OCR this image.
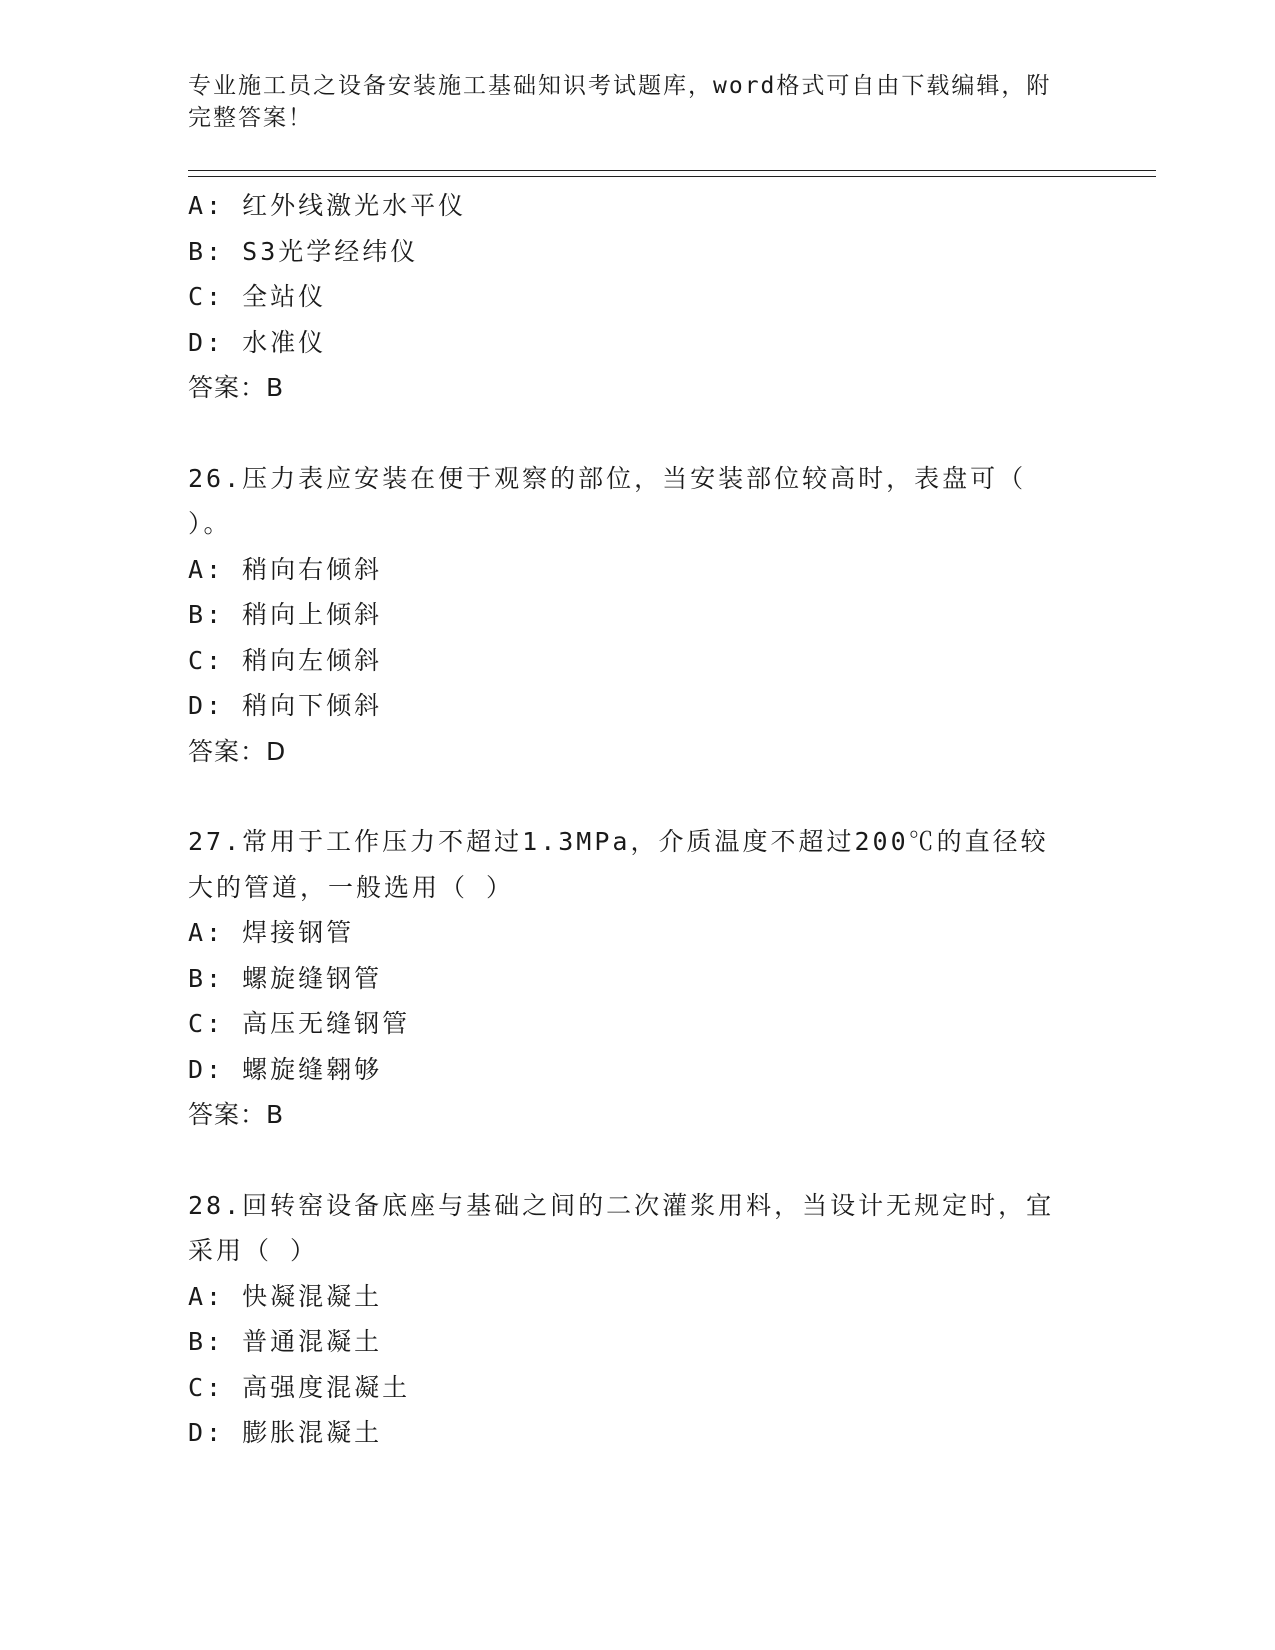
专业施工员之设备安装施工基础知识考试题库，word格式可自由下载编辑，附完整答案！

A: 红外线激光水平仪
B: S3光学经纬仪
C: 全站仪
D: 水准仪
答案：B
26.压力表应安装在便于观察的部位，当安装部位较高时，表盘可（ ）。
A: 稍向右倾斜
B: 稍向上倾斜
C: 稍向左倾斜
D: 稍向下倾斜
答案：D
27.常用于工作压力不超过1.3MPa，介质温度不超过200℃的直径较大的管道，一般选用（ ）
A: 焊接钢管
B: 螺旋缝钢管
C: 高压无缝钢管
D: 螺旋缝翱够
答案：B
28.回转窑设备底座与基础之间的二次灌浆用料，当设计无规定时，宜采用（ ）
A: 快凝混凝土
B: 普通混凝土
C: 高强度混凝土
D: 膨胀混凝土
